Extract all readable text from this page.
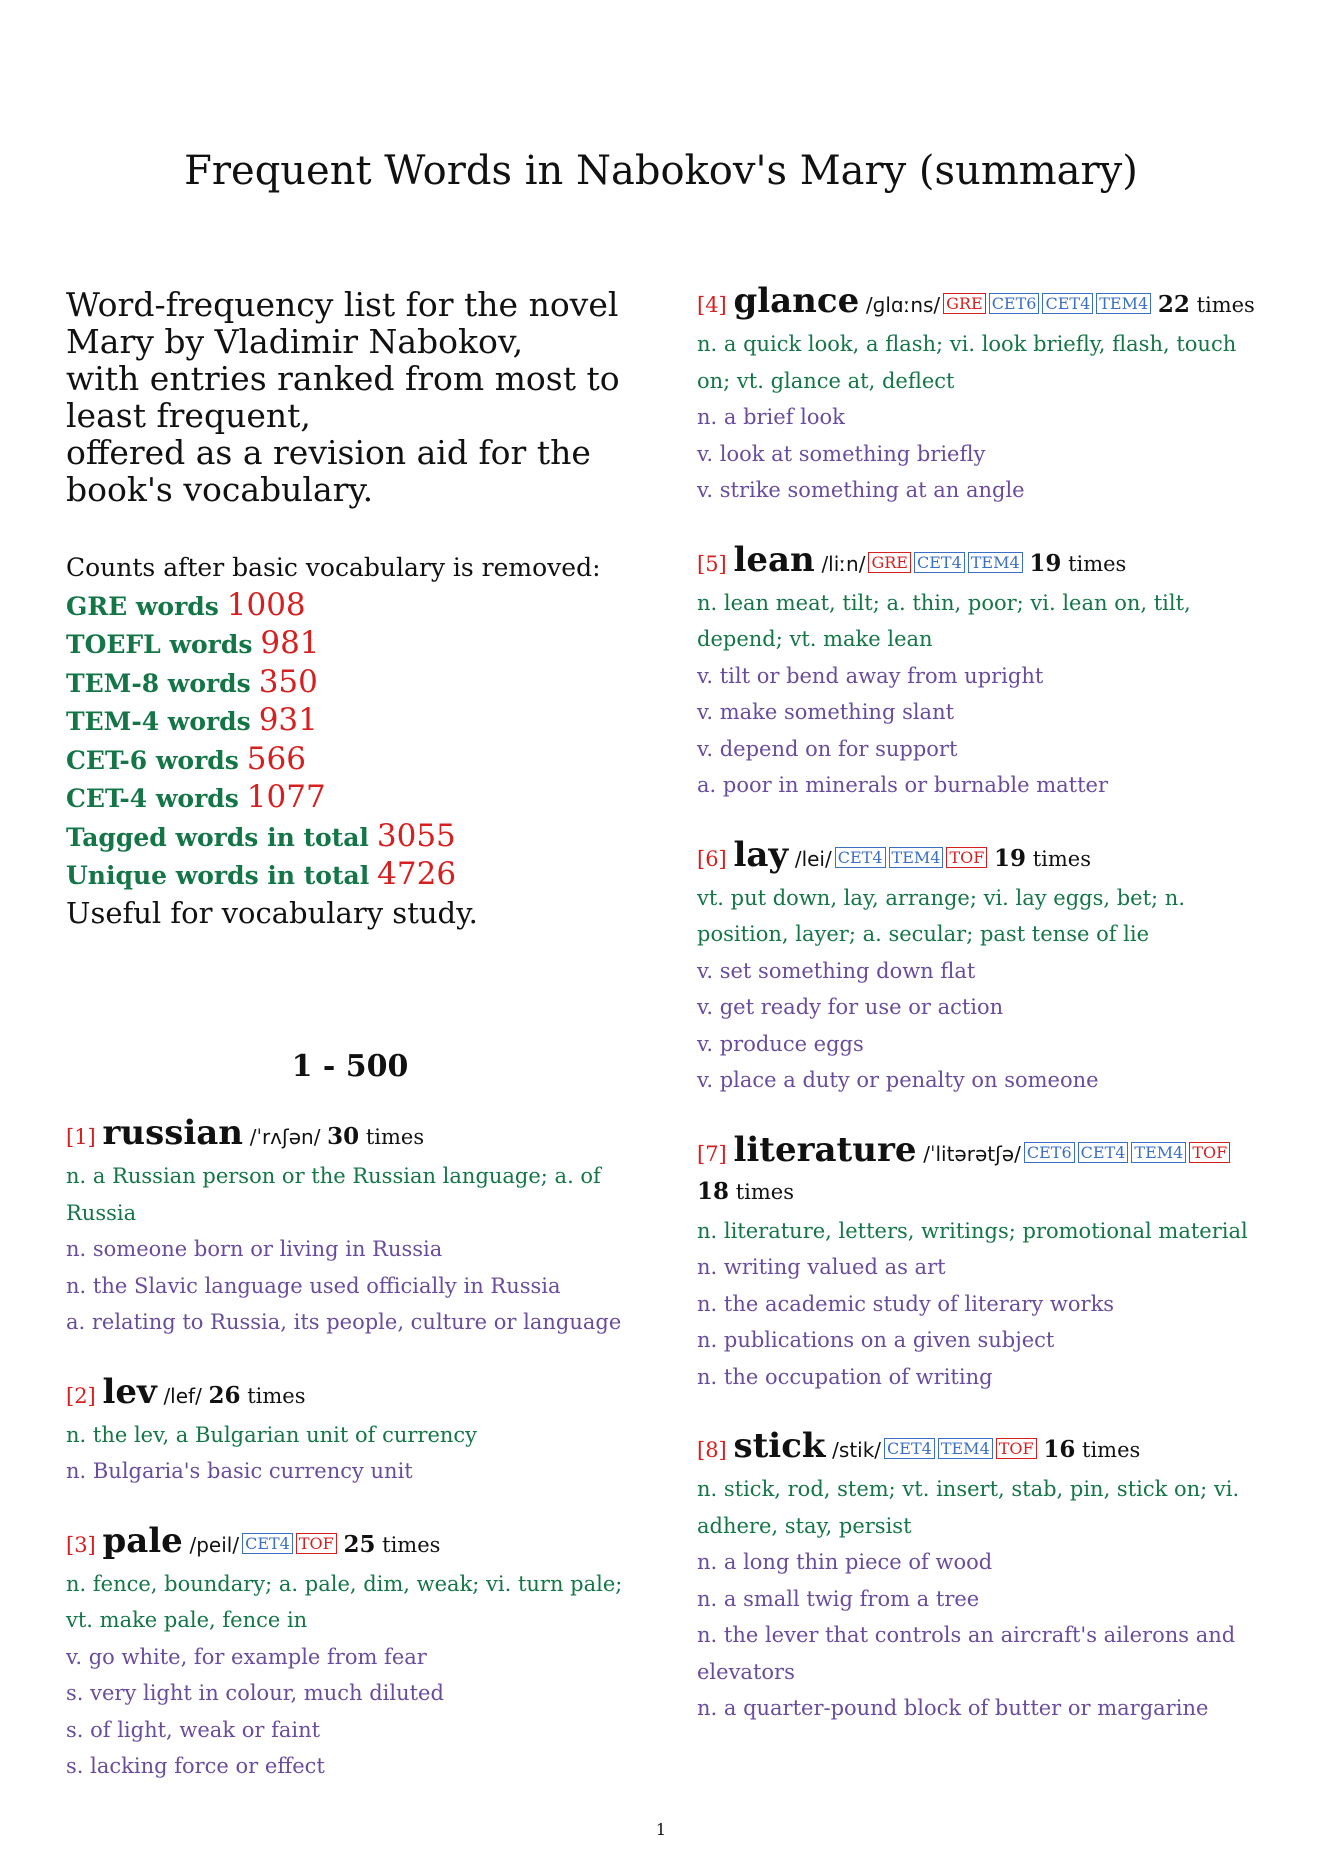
Frequent Words in Nabokov's Mary (summary)
Word-frequency list for the novel Mary by Vladimir Nabokov,
with entries ranked from most to least frequent,
offered as a revision aid for the book's vocabulary.
Counts after basic vocabulary is removed:
GRE words 1008
TOEFL words 981
TEM-8 words 350
TEM-4 words 931
CET-6 words 566
CET-4 words 1077
Tagged words in total 3055
Unique words in total 4726
Useful for vocabulary study.
1 - 500
[1] russian /ˈrʌʃən/ 30 times
n. a Russian person or the Russian language; a. of Russia
n. someone born or living in Russia
n. the Slavic language used officially in Russia
a. relating to Russia, its people, culture or language
[2] lev /lef/ 26 times
n. the lev, a Bulgarian unit of currency
n. Bulgaria's basic currency unit
[3] pale /peil/ CET4 TOF 25 times
n. fence, boundary; a. pale, dim, weak; vi. turn pale; vt. make pale, fence in
v. go white, for example from fear
s. very light in colour, much diluted
s. of light, weak or faint
s. lacking force or effect
[4] glance /ɡlɑːns/ GRE CET6 CET4 TEM4 22 times
n. a quick look, a flash; vi. look briefly, flash, touch on; vt. glance at, deflect
n. a brief look
v. look at something briefly
v. strike something at an angle
[5] lean /liːn/ GRE CET4 TEM4 19 times
n. lean meat, tilt; a. thin, poor; vi. lean on, tilt, depend; vt. make lean
v. tilt or bend away from upright
v. make something slant
v. depend on for support
a. poor in minerals or burnable matter
[6] lay /lei/ CET4 TEM4 TOF 19 times
vt. put down, lay, arrange; vi. lay eggs, bet; n. position, layer; a. secular; past tense of lie
v. set something down flat
v. get ready for use or action
v. produce eggs
v. place a duty or penalty on someone
[7] literature /ˈlitərətʃə/ CET6 CET4 TEM4 TOF 18 times
n. literature, letters, writings; promotional material
n. writing valued as art
n. the academic study of literary works
n. publications on a given subject
n. the occupation of writing
[8] stick /stik/ CET4 TEM4 TOF 16 times
n. stick, rod, stem; vt. insert, stab, pin, stick on; vi. adhere, stay, persist
n. a long thin piece of wood
n. a small twig from a tree
n. the lever that controls an aircraft's ailerons and elevators
n. a quarter-pound block of butter or margarine
1
